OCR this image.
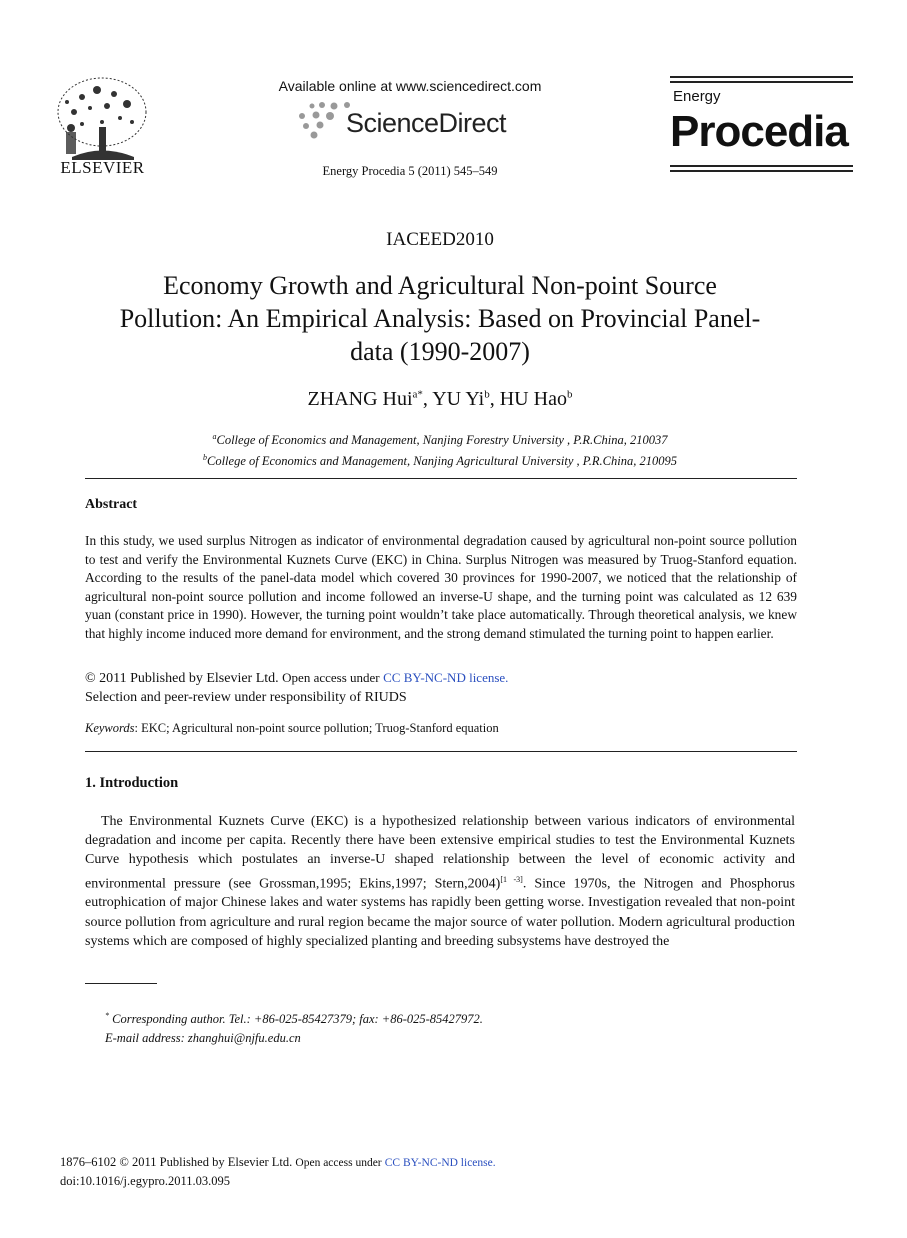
ELSEVIER
Available online at www.sciencedirect.com
ScienceDirect
Energy Procedia 5 (2011) 545–549
Energy
Procedia
IACEED2010
Economy Growth and Agricultural Non-point Source Pollution: An Empirical Analysis: Based on Provincial Panel-data (1990-2007)
ZHANG Hui$^{a*}$, YU Yi$^b$, HU Hao$^b$
$^a$College of Economics and Management, Nanjing Forestry University , P.R.China, 210037
$^b$College of Economics and Management, Nanjing Agricultural University , P.R.China, 210095
Abstract
In this study, we used surplus Nitrogen as indicator of environmental degradation caused by agricultural non-point source pollution to test and verify the Environmental Kuznets Curve (EKC) in China. Surplus Nitrogen was measured by Truog-Stanford equation. According to the results of the panel-data model which covered 30 provinces for 1990-2007, we noticed that the relationship of agricultural non-point source pollution and income followed an inverse-U shape, and the turning point was calculated as 12 639 yuan (constant price in 1990). However, the turning point wouldn’t take place automatically. Through theoretical analysis, we knew that highly income induced more demand for environment, and the strong demand stimulated the turning point to happen earlier.
© 2011 Published by Elsevier Ltd. Open access under CC BY-NC-ND license.
Selection and peer-review under responsibility of RIUDS
Keywords: EKC; Agricultural non-point source pollution; Truog-Stanford equation
1. Introduction
The Environmental Kuznets Curve (EKC) is a hypothesized relationship between various indicators of environmental degradation and income per capita. Recently there have been extensive empirical studies to test the Environmental Kuznets Curve hypothesis which postulates an inverse-U shaped relationship between the level of economic activity and environmental pressure (see Grossman,1995; Ekins,1997; Stern,2004)[1 -3]. Since 1970s, the Nitrogen and Phosphorus eutrophication of major Chinese lakes and water systems has rapidly been getting worse. Investigation revealed that non-point source pollution from agriculture and rural region became the major source of water pollution. Modern agricultural production systems which are composed of highly specialized planting and breeding subsystems have destroyed the
* Corresponding author. Tel.: +86-025-85427379; fax: +86-025-85427972.
E-mail address: zhanghui@njfu.edu.cn
1876–6102 © 2011 Published by Elsevier Ltd. Open access under CC BY-NC-ND license.
doi:10.1016/j.egypro.2011.03.095
